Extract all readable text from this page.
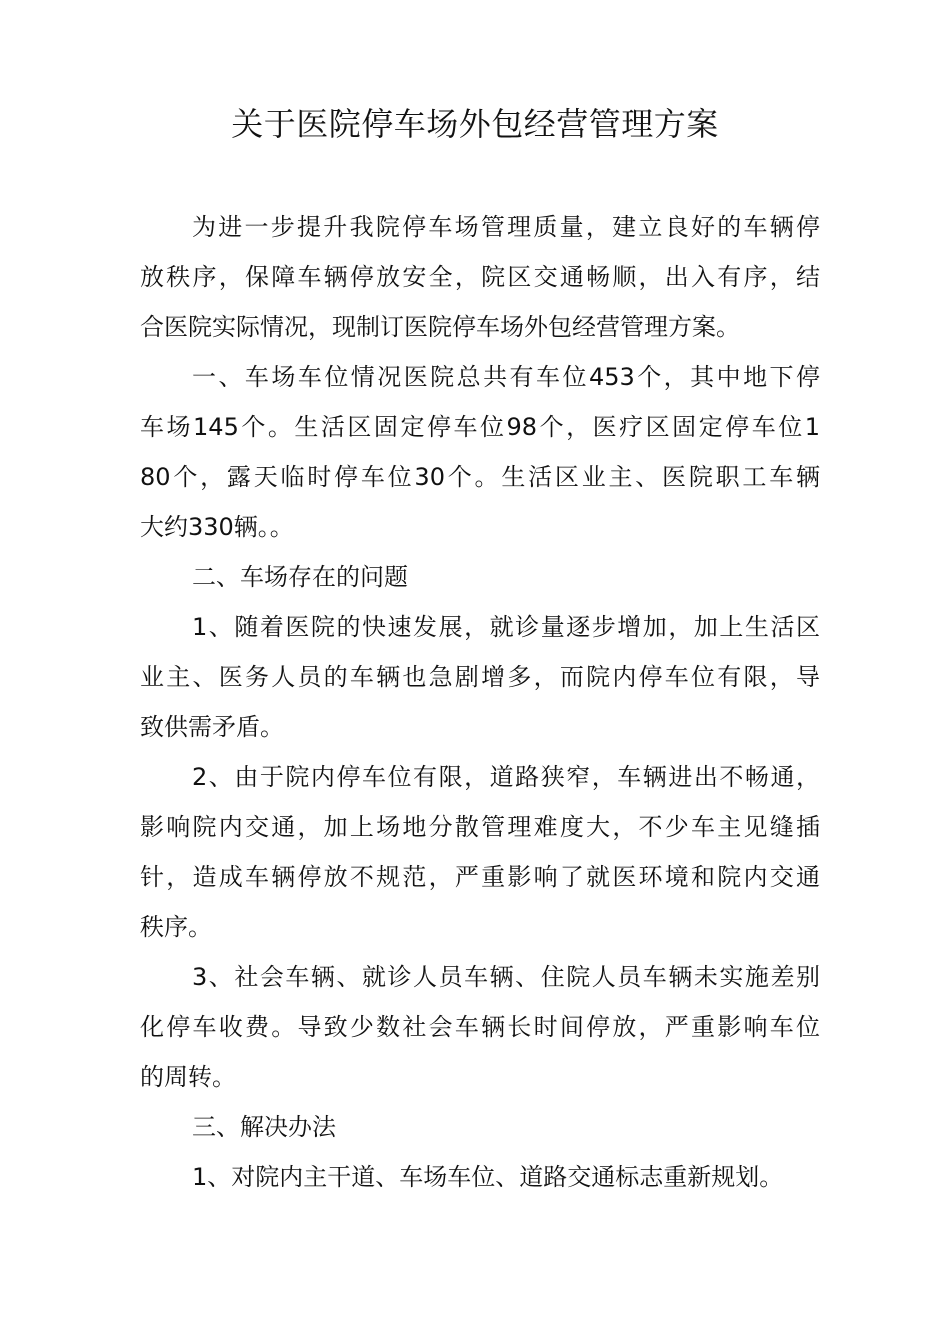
关于医院停车场外包经营管理方案
为进一步提升我院停车场管理质量，建立良好的车辆停
放秩序，保障车辆停放安全，院区交通畅顺，出入有序，结
合医院实际情况，现制订医院停车场外包经营管理方案。
一、车场车位情况医院总共有车位453个，其中地下停
车场145个。生活区固定停车位98个，医疗区固定停车位1
80个，露天临时停车位30个。生活区业主、医院职工车辆
大约330辆。。
二、车场存在的问题
1、随着医院的快速发展，就诊量逐步增加，加上生活区
业主、医务人员的车辆也急剧增多，而院内停车位有限，导
致供需矛盾。
2、由于院内停车位有限，道路狭窄，车辆进出不畅通，
影响院内交通，加上场地分散管理难度大，不少车主见缝插
针，造成车辆停放不规范，严重影响了就医环境和院内交通
秩序。
3、社会车辆、就诊人员车辆、住院人员车辆未实施差别
化停车收费。导致少数社会车辆长时间停放，严重影响车位
的周转。
三、解决办法
1、对院内主干道、车场车位、道路交通标志重新规划。
